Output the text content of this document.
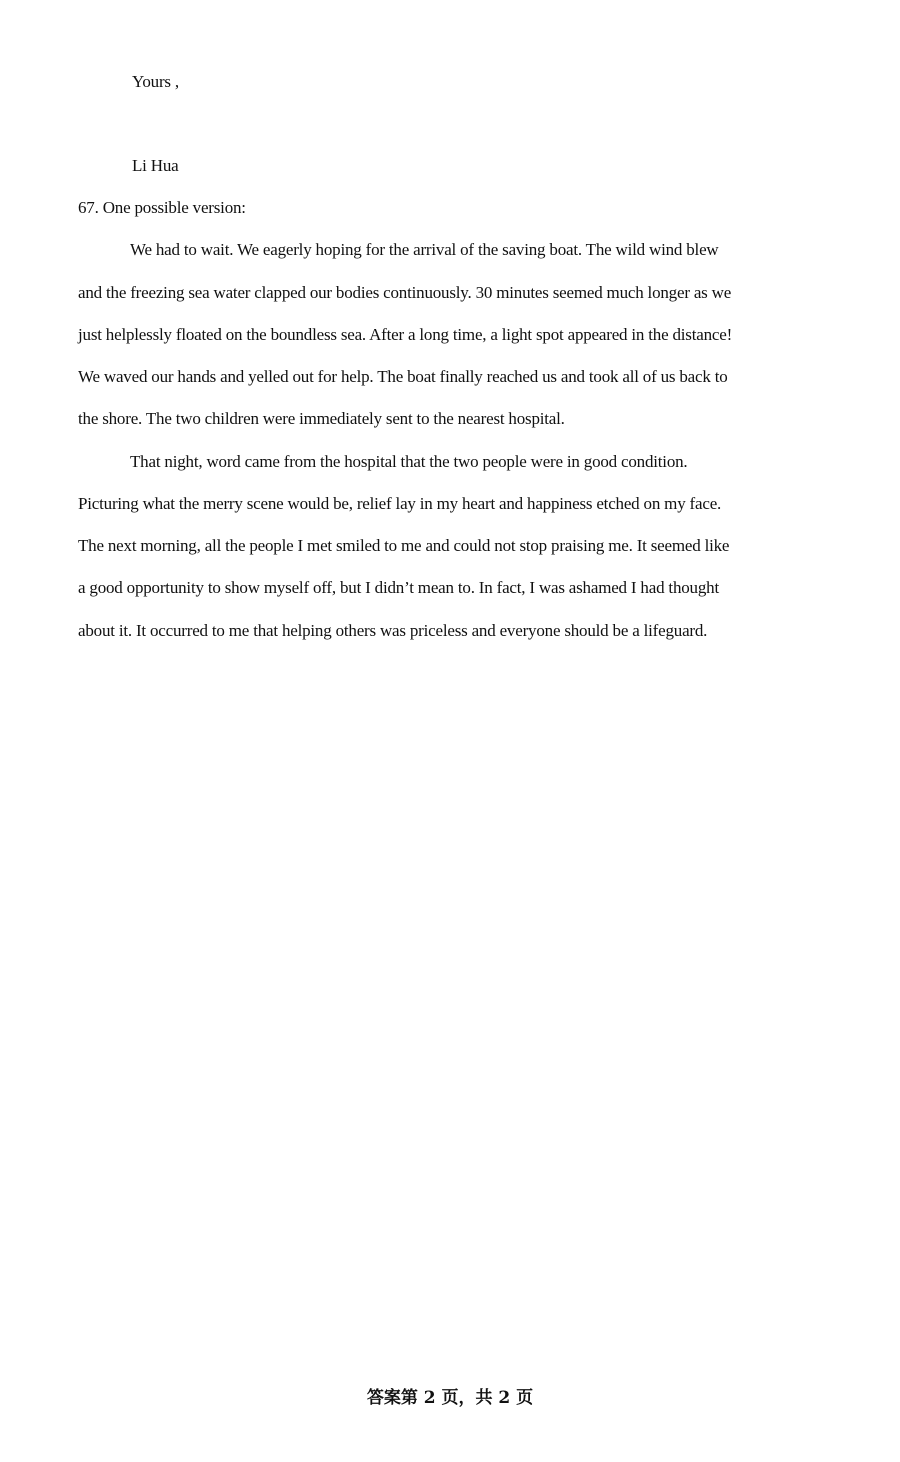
Yours ,
Li Hua
67. One possible version:
We had to wait. We eagerly hoping for the arrival of the saving boat. The wild wind blew
and the freezing sea water clapped our bodies continuously. 30 minutes seemed much longer as we
just helplessly floated on the boundless sea. After a long time, a light spot appeared in the distance!
We waved our hands and yelled out for help. The boat finally reached us and took all of us back to
the shore. The two children were immediately sent to the nearest hospital.
That night, word came from the hospital that the two people were in good condition.
Picturing what the merry scene would be, relief lay in my heart and happiness etched on my face.
The next morning, all the people I met smiled to me and could not stop praising me. It seemed like
a good opportunity to show myself off, but I didn’t mean to. In fact, I was ashamed I had thought
about it. It occurred to me that helping others was priceless and everyone should be a lifeguard.
答案第 2 页，共 2 页
